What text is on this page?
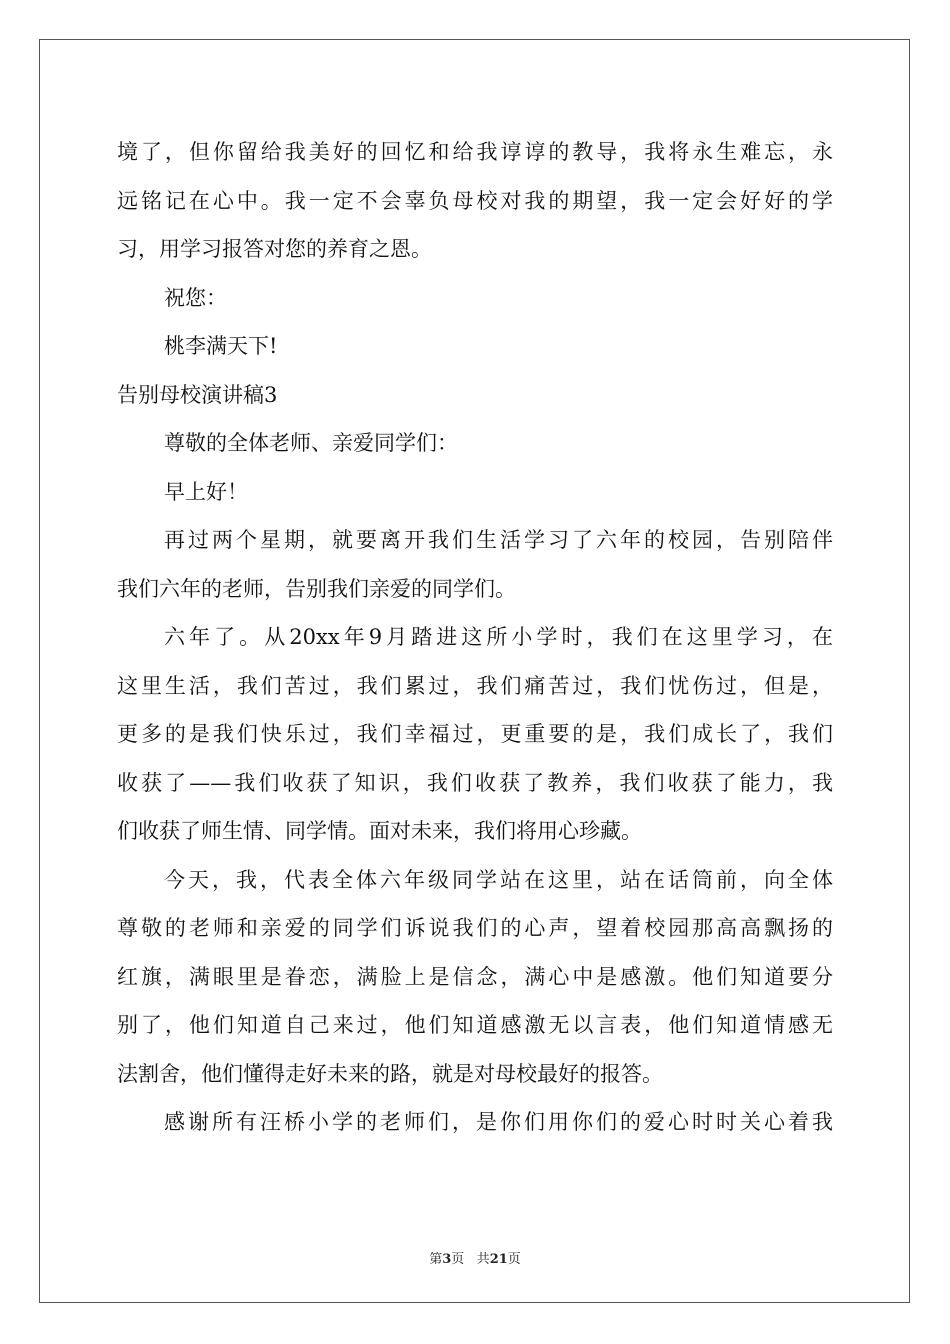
境了，但你留给我美好的回忆和给我谆谆的教导，我将永生难忘，永
远铭记在心中。我一定不会辜负母校对我的期望，我一定会好好的学
习，用学习报答对您的养育之恩。
祝您：
桃李满天下!
告别母校演讲稿3
尊敬的全体老师、亲爱同学们：
早上好！
再过两个星期，就要离开我们生活学习了六年的校园，告别陪伴
我们六年的老师，告别我们亲爱的同学们。
六年了。从20xx年9月踏进这所小学时，我们在这里学习，在
这里生活，我们苦过，我们累过，我们痛苦过，我们忧伤过，但是，
更多的是我们快乐过，我们幸福过，更重要的是，我们成长了，我们
收获了——我们收获了知识，我们收获了教养，我们收获了能力，我
们收获了师生情、同学情。面对未来，我们将用心珍藏。
今天，我，代表全体六年级同学站在这里，站在话筒前，向全体
尊敬的老师和亲爱的同学们诉说我们的心声，望着校园那高高飘扬的
红旗，满眼里是眷恋，满脸上是信念，满心中是感激。他们知道要分
别了，他们知道自己来过，他们知道感激无以言表，他们知道情感无
法割舍，他们懂得走好未来的路，就是对母校最好的报答。
感谢所有汪桥小学的老师们，是你们用你们的爱心时时关心着我
第3页 共21页
